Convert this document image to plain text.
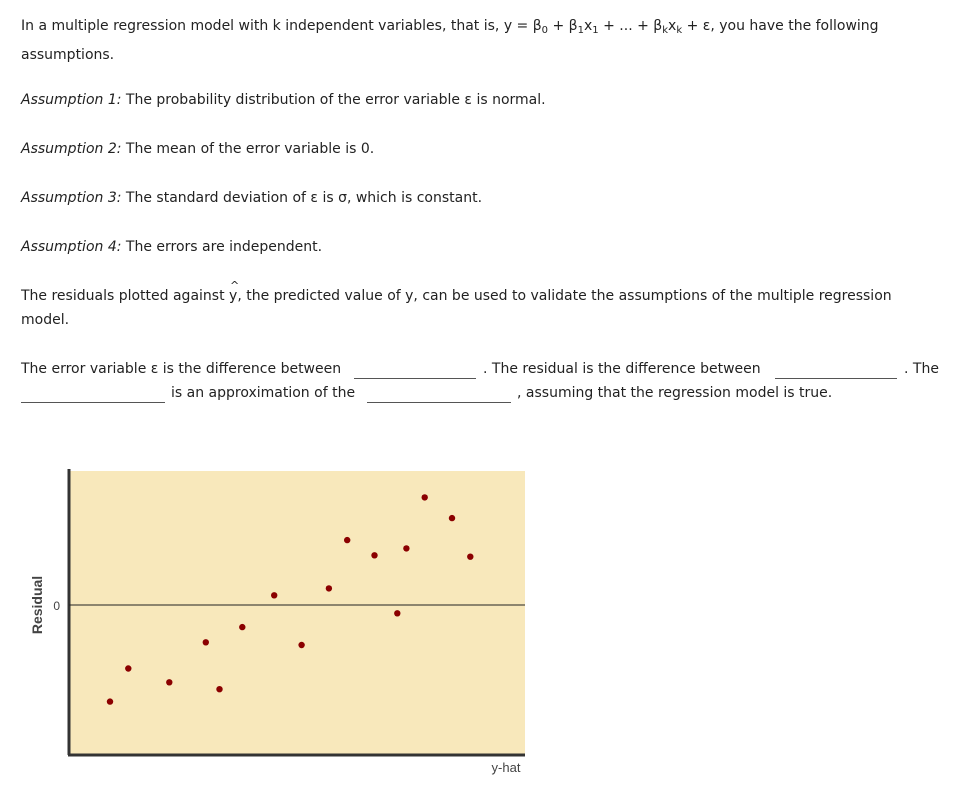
In a multiple regression model with k independent variables, that is, $y = \beta_0 + \beta_1x_1$ + ... + $\beta_kx_k + \varepsilon$, you have the following assumptions.

Assumption 1: The probability distribution of the error variable ε is normal.

Assumption 2: The mean of the error variable is 0.

Assumption 3: The standard deviation of ε is σ, which is constant.

Assumption 4: The errors are independent.

The residuals plotted against ^ y, the predicted value of y, can be used to validate the assumptions of the multiple regression model.

The error variable ε is the difference between	. The residual is the difference between	. The
is an approximation of the	, assuming that the regression model is true.
0
Residual
y-hat
